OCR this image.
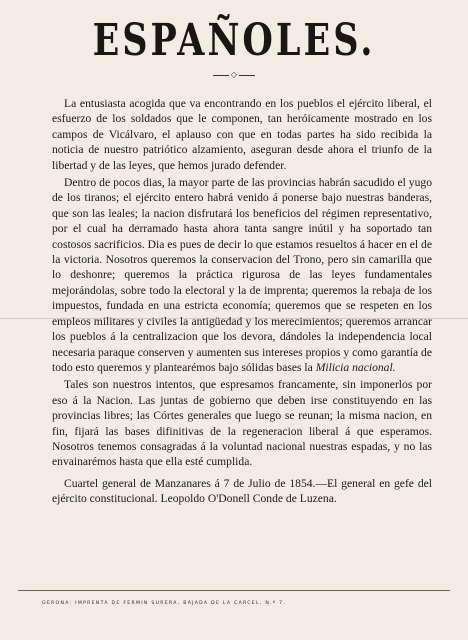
ESPAÑOLES.
◇

La entusiasta acogida que va encontrando en los pueblos el ejército liberal, el esfuerzo de los soldados que le componen, tan heróicamente mostrado en los campos de Vicálvaro, el aplauso con que en todas partes ha sido recibida la noticia de nuestro patriótico alzamiento, aseguran desde ahora el triunfo de la libertad y de las leyes, que hemos jurado defender.

Dentro de pocos dias, la mayor parte de las provincias habrán sacudido el yugo de los tiranos; el ejército entero habrá venido á ponerse bajo nuestras banderas, que son las leales; la nacion disfrutará los beneficios del régimen representativo, por el cual ha derramado hasta ahora tanta sangre inútil y ha soportado tan costosos sacrificios. Dia es pues de decir lo que estamos resueltos á hacer en el de la victoria. Nosotros queremos la conservacion del Trono, pero sin camarilla que lo deshonre; queremos la práctica rigurosa de las leyes fundamentales mejorándolas, sobre todo la electoral y la de imprenta; queremos la rebaja de los impuestos, fundada en una estricta economía; queremos que se respeten en los empleos militares y civiles la antigüedad y los merecimientos; queremos arrancar los pueblos á la centralizacion que los devora, dándoles la independencia local necesaria paraque conserven y aumenten sus intereses propios y como garantía de todo esto queremos y plantearémos bajo sólidas bases la Milicia nacional.

Tales son nuestros intentos, que espresamos francamente, sin imponerlos por eso á la Nacion. Las juntas de gobierno que deben irse constituyendo en las provincias libres; las Córtes generales que luego se reunan; la misma nacion, en fin, fijará las bases difinitivas de la regeneracion liberal á que esperamos. Nosotros tenemos consagradas á la voluntad nacional nuestras espadas, y no las envainarémos hasta que ella esté cumplida.

Cuartel general de Manzanares á 7 de Julio de 1854.—El general en gefe del ejército constitucional. Leopoldo O'Donell Conde de Luzena.

GERONA: IMPRENTA DE FERMIN SURERA, BAJADA DE LA CARCEL, N.º 7.
